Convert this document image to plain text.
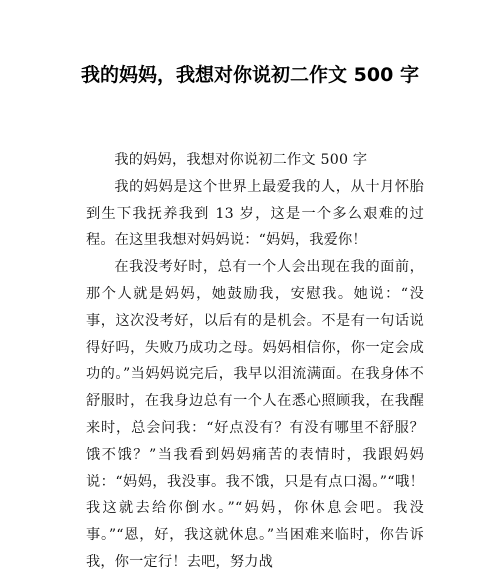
我的妈妈，我想对你说初二作文 500 字

我的妈妈，我想对你说初二作文 500 字

我的妈妈是这个世界上最爱我的人，从十月怀胎到生下我抚养我到 13 岁，这是一个多么艰难的过程。在这里我想对妈妈说：“妈妈，我爱你！

在我没考好时，总有一个人会出现在我的面前，那个人就是妈妈，她鼓励我，安慰我。她说：“没事，这次没考好，以后有的是机会。不是有一句话说得好吗，失败乃成功之母。妈妈相信你，你一定会成功的。”当妈妈说完后，我早以泪流满面。在我身体不舒服时，在我身边总有一个人在悉心照顾我，在我醒来时，总会问我：“好点没有？有没有哪里不舒服？饿不饿？”当我看到妈妈痛苦的表情时，我跟妈妈说：“妈妈，我没事。我不饿，只是有点口渴。”“哦！我这就去给你倒水。”“妈妈，你休息会吧。我没事。”“恩，好，我这就休息。”当困难来临时，你告诉我，你一定行！去吧，努力战
